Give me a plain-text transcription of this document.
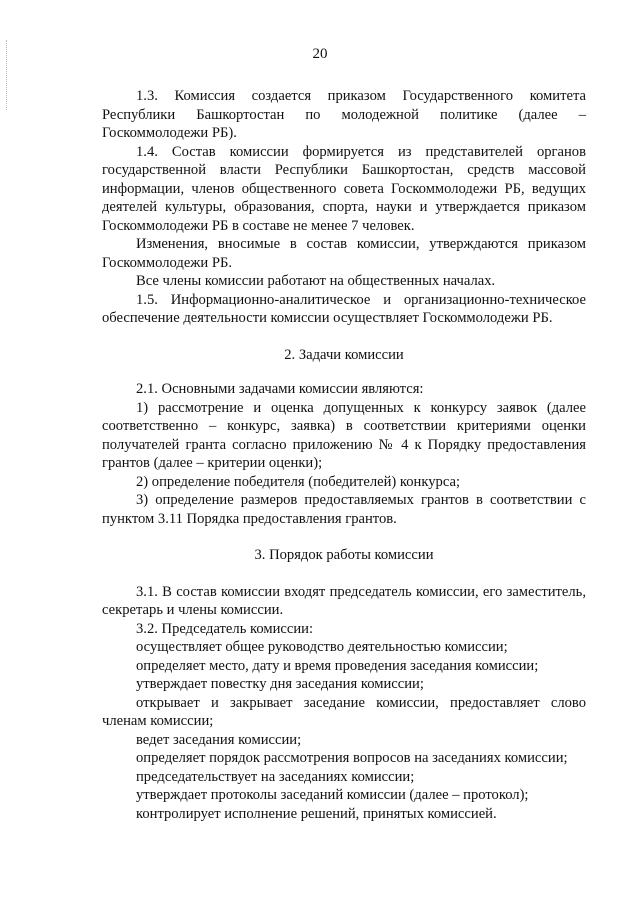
20

1.3. Комиссия создается приказом Государственного комитета Республики Башкортостан по молодежной политике (далее – Госкоммолодежи РБ).

1.4. Состав комиссии формируется из представителей органов государственной власти Республики Башкортостан, средств массовой информации, членов общественного совета Госкоммолодежи РБ, ведущих деятелей культуры, образования, спорта, науки и утверждается приказом Госкоммолодежи РБ в составе не менее 7 человек.

Изменения, вносимые в состав комиссии, утверждаются приказом Госкоммолодежи РБ.

Все члены комиссии работают на общественных началах.

1.5. Информационно-аналитическое и организационно-техническое обеспечение деятельности комиссии осуществляет Госкоммолодежи РБ.

2. Задачи комиссии

2.1. Основными задачами комиссии являются:

1) рассмотрение и оценка допущенных к конкурсу заявок (далее соответственно – конкурс, заявка) в соответствии критериями оценки получателей гранта согласно приложению № 4 к Порядку предоставления грантов (далее – критерии оценки);

2) определение победителя (победителей) конкурса;

3) определение размеров предоставляемых грантов в соответствии с пунктом 3.11 Порядка предоставления грантов.

3. Порядок работы комиссии

3.1. В состав комиссии входят председатель комиссии, его заместитель, секретарь и члены комиссии.

3.2. Председатель комиссии:

осуществляет общее руководство деятельностью комиссии;

определяет место, дату и время проведения заседания комиссии;

утверждает повестку дня заседания комиссии;

открывает и закрывает заседание комиссии, предоставляет слово членам комиссии;

ведет заседания комиссии;

определяет порядок рассмотрения вопросов на заседаниях комиссии;

председательствует на заседаниях комиссии;

утверждает протоколы заседаний комиссии (далее – протокол);

контролирует исполнение решений, принятых комиссией.
